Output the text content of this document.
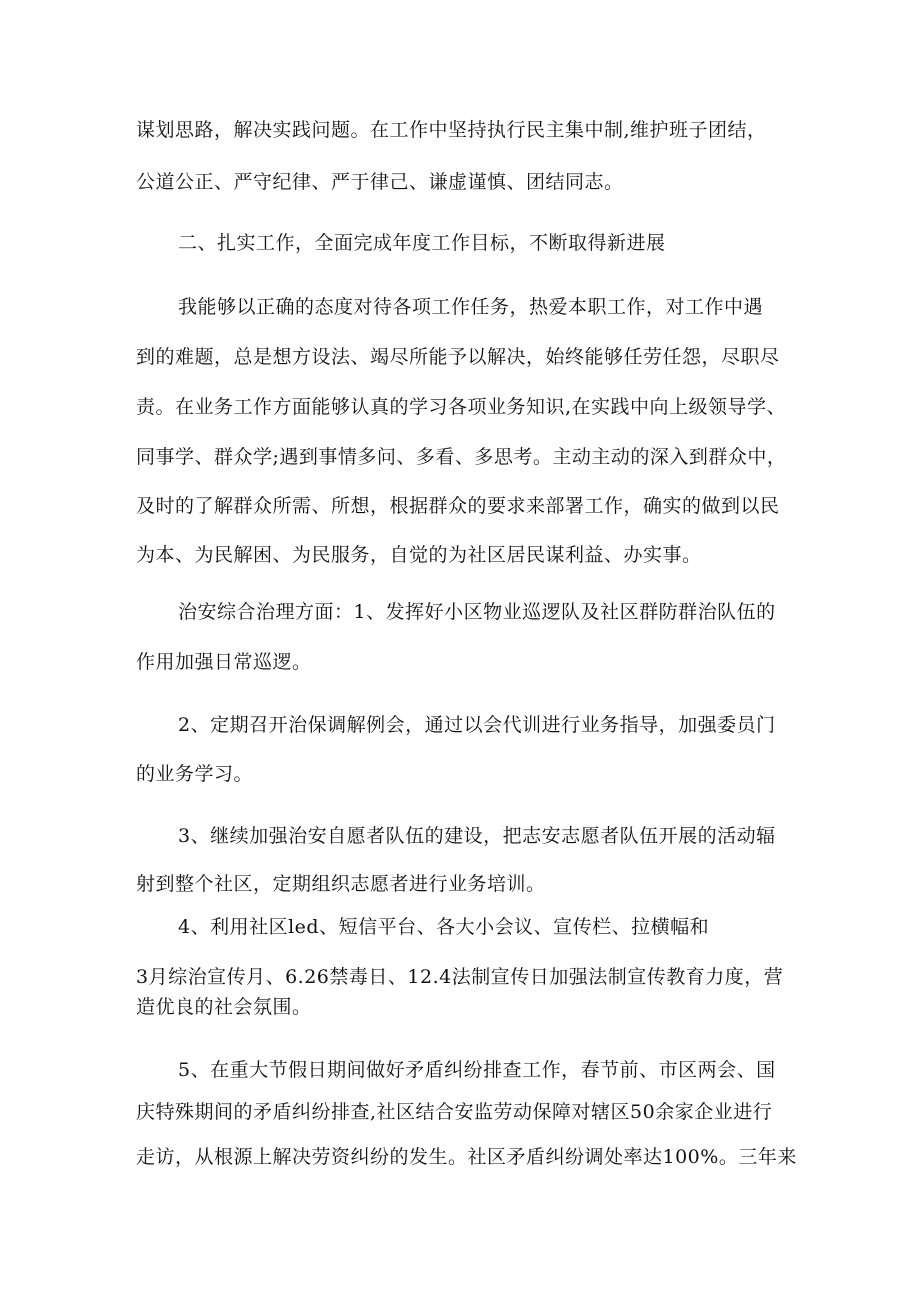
谋划思路，解决实践问题。在工作中坚持执行民主集中制,维护班子团结，
公道公正、严守纪律、严于律己、谦虚谨慎、团结同志。
二、扎实工作，全面完成年度工作目标，不断取得新进展
我能够以正确的态度对待各项工作任务，热爱本职工作，对工作中遇
到的难题，总是想方设法、竭尽所能予以解决，始终能够任劳任怨，尽职尽
责。在业务工作方面能够认真的学习各项业务知识,在实践中向上级领导学、
同事学、群众学;遇到事情多问、多看、多思考。主动主动的深入到群众中，
及时的了解群众所需、所想，根据群众的要求来部署工作，确实的做到以民
为本、为民解困、为民服务，自觉的为社区居民谋利益、办实事。
治安综合治理方面：1、发挥好小区物业巡逻队及社区群防群治队伍的
作用加强日常巡逻。
2、定期召开治保调解例会，通过以会代训进行业务指导，加强委员门
的业务学习。
3、继续加强治安自愿者队伍的建设，把志安志愿者队伍开展的活动辐
射到整个社区，定期组织志愿者进行业务培训。
4、利用社区led、短信平台、各大小会议、宣传栏、拉横幅和
3月综治宣传月、6.26禁毒日、12.4法制宣传日加强法制宣传教育力度，营
造优良的社会氛围。
5、在重大节假日期间做好矛盾纠纷排查工作，春节前、市区两会、国
庆特殊期间的矛盾纠纷排查,社区结合安监劳动保障对辖区50余家企业进行
走访，从根源上解决劳资纠纷的发生。社区矛盾纠纷调处率达100%。三年来
